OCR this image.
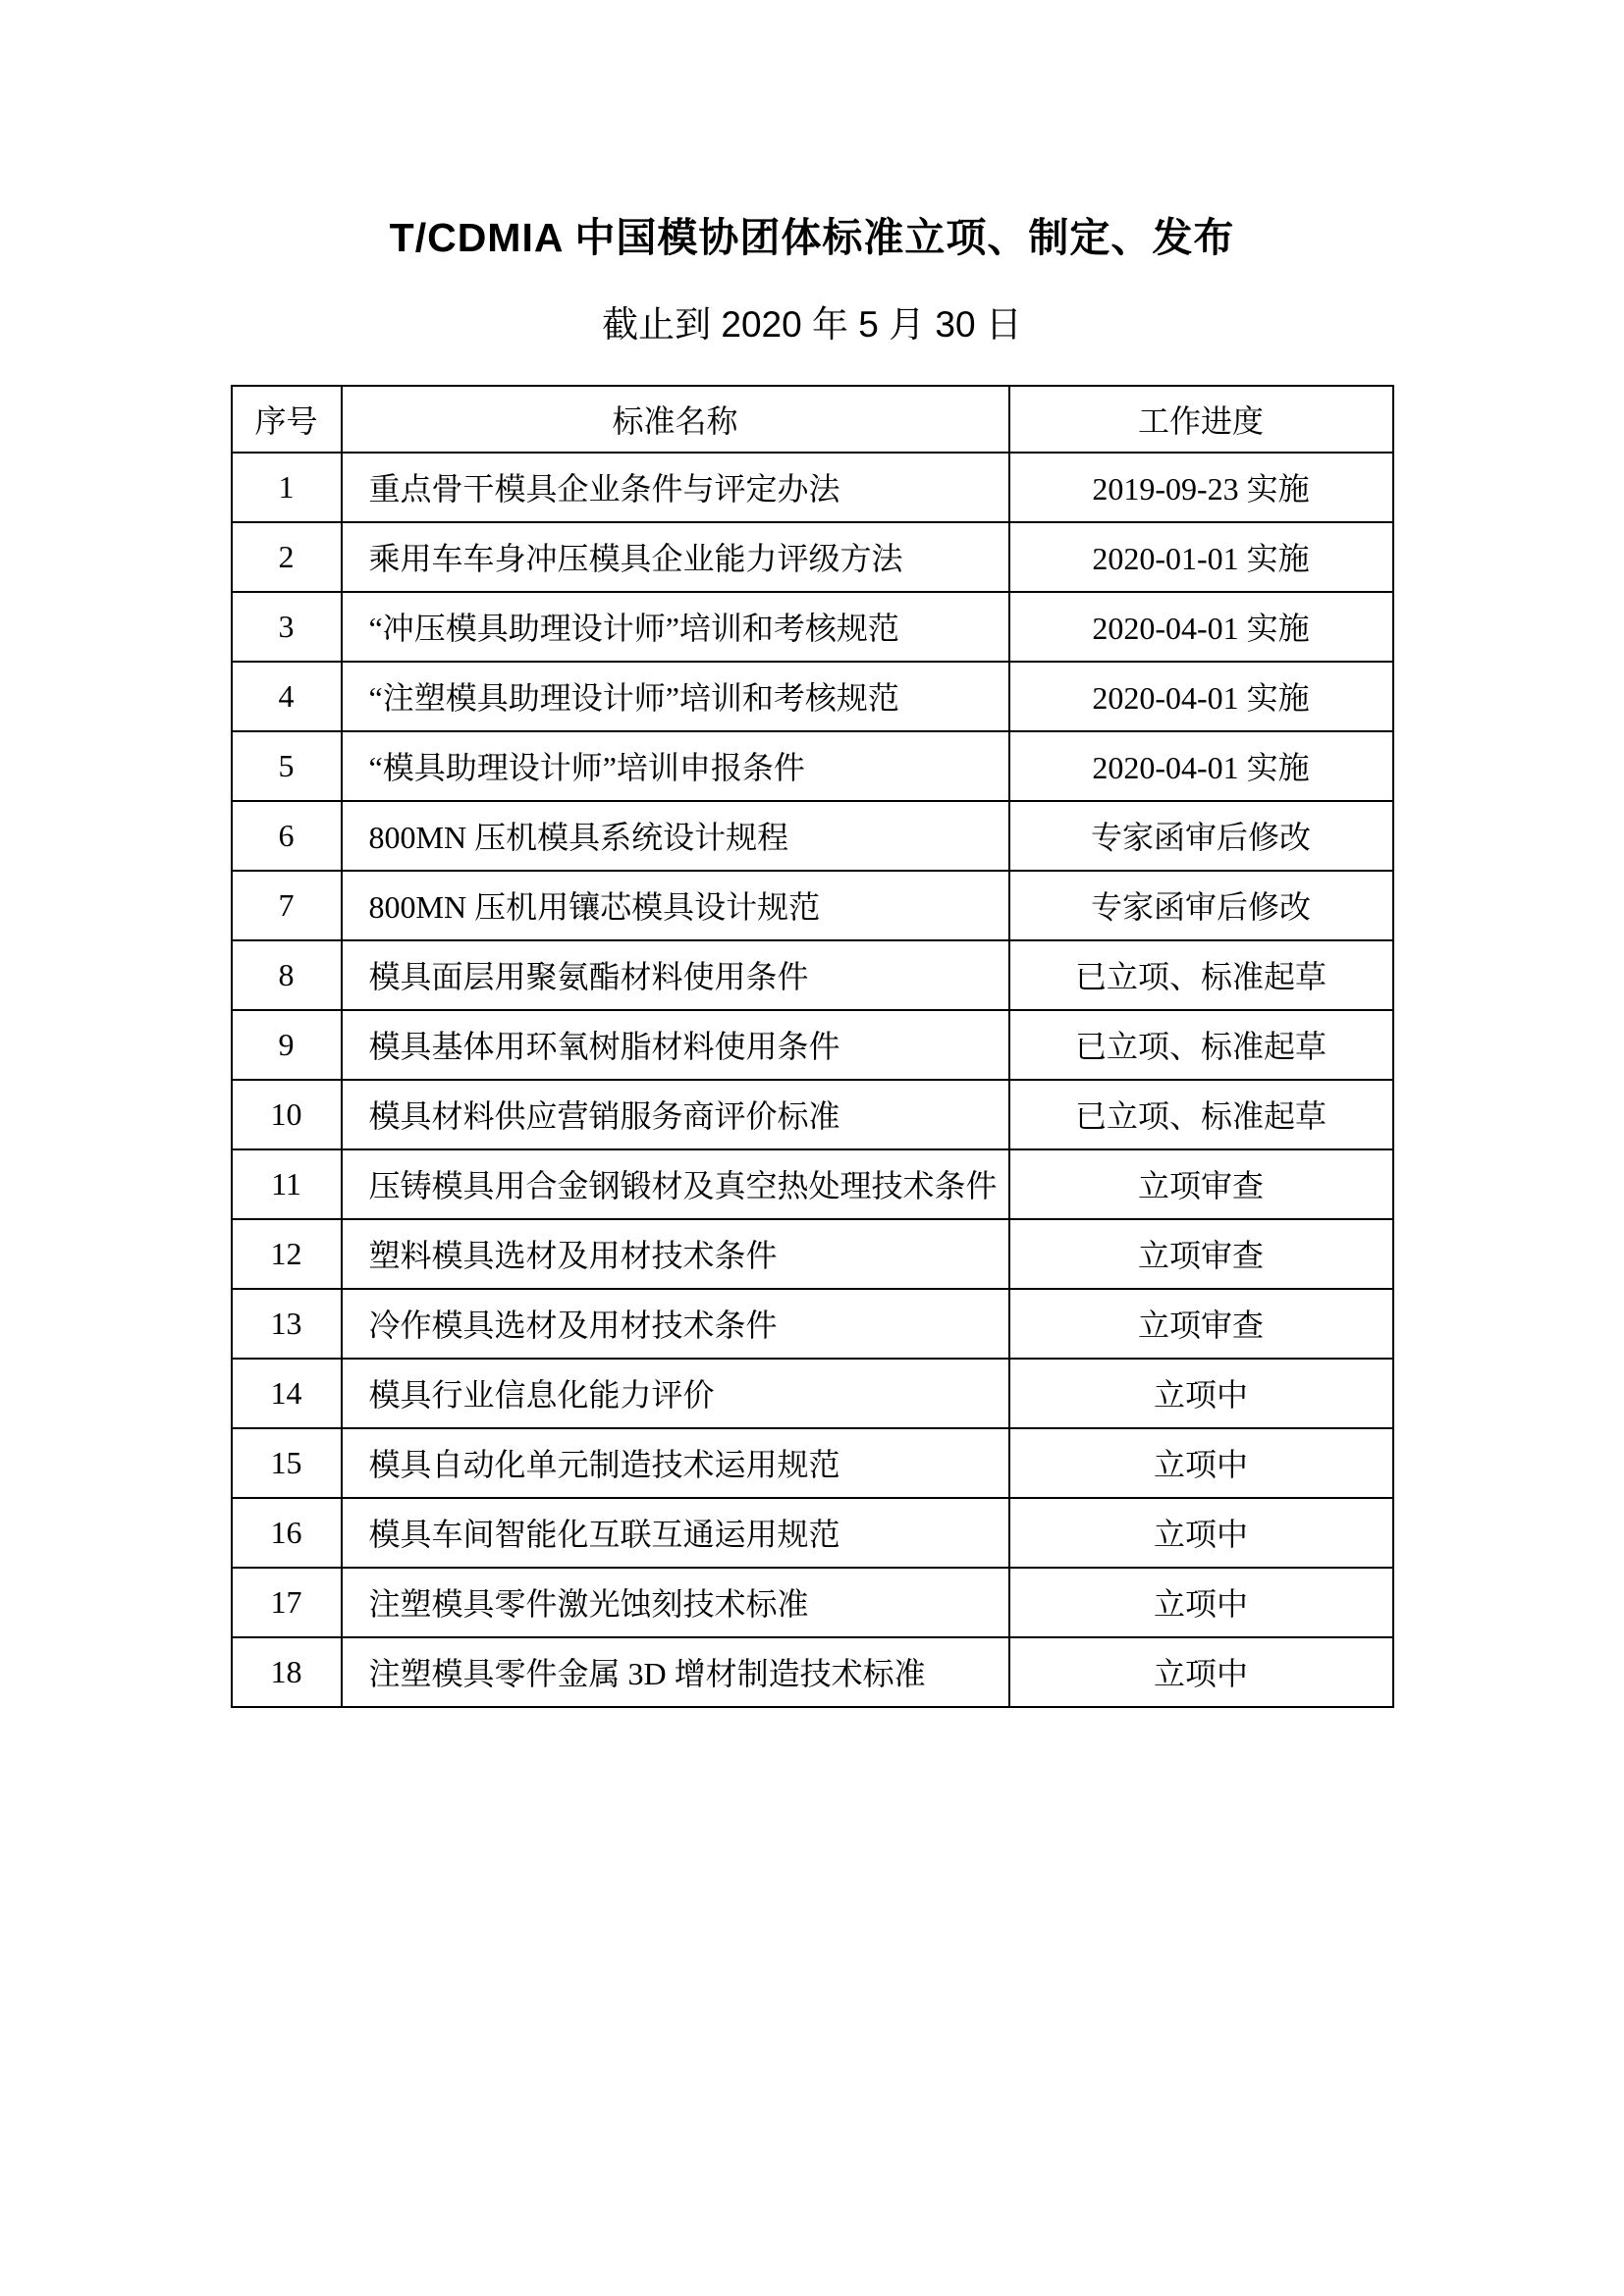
T/CDMIA 中国模协团体标准立项、制定、发布
截止到 2020 年 5 月 30 日
序号	标准名称	工作进度
1	重点骨干模具企业条件与评定办法	2019-09-23 实施
2	乘用车车身冲压模具企业能力评级方法	2020-01-01 实施
3	“冲压模具助理设计师”培训和考核规范	2020-04-01 实施
4	“注塑模具助理设计师”培训和考核规范	2020-04-01 实施
5	“模具助理设计师”培训申报条件	2020-04-01 实施
6	800MN 压机模具系统设计规程	专家函审后修改
7	800MN 压机用镶芯模具设计规范	专家函审后修改
8	模具面层用聚氨酯材料使用条件	已立项、标准起草
9	模具基体用环氧树脂材料使用条件	已立项、标准起草
10	模具材料供应营销服务商评价标准	已立项、标准起草
11	压铸模具用合金钢锻材及真空热处理技术条件	立项审查
12	塑料模具选材及用材技术条件	立项审查
13	冷作模具选材及用材技术条件	立项审查
14	模具行业信息化能力评价	立项中
15	模具自动化单元制造技术运用规范	立项中
16	模具车间智能化互联互通运用规范	立项中
17	注塑模具零件激光蚀刻技术标准	立项中
18	注塑模具零件金属 3D 增材制造技术标准	立项中
